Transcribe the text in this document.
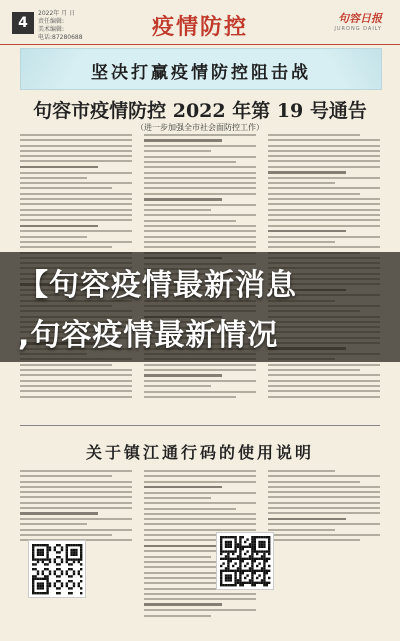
4
2022年 月 日
责任编辑:
美术编辑:
电话:87280688	疫情防控	句容日报
JURONG DAILY
坚决打赢疫情防控阻击战
句容市疫情防控 2022 年第 19 号通告
（进一步加强全市社会面防控工作）
关于镇江通行码的使用说明
【句容疫情最新消息
,句容疫情最新情况
